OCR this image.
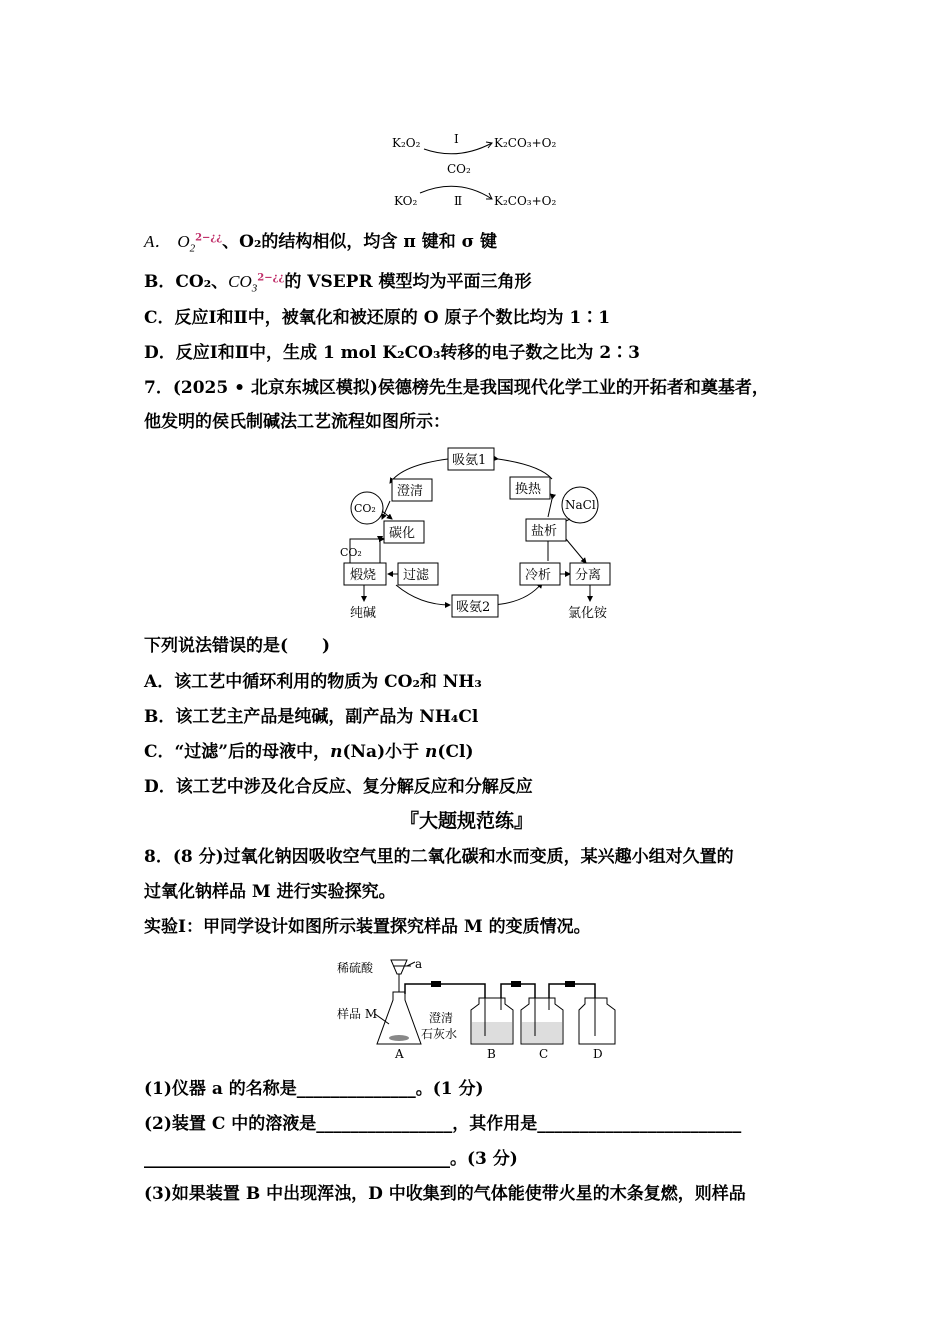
K₂O₂	Ⅰ	K₂CO₃+O₂
CO₂
KO₂	Ⅱ	K₂CO₃+O₂
A． $O_2^{2-¿¿}$、O₂的结构相似，均含 π 键和 σ 键
B．CO₂、$CO_3^{2-¿¿}$的 VSEPR 模型均为平面三角形
C．反应Ⅰ和Ⅱ中，被氧化和被还原的 O 原子个数比均为 1∶1
D．反应Ⅰ和Ⅱ中，生成 1 mol K₂CO₃转移的电子数之比为 2∶3
7．(2025 • 北京东城区模拟)侯德榜先生是我国现代化学工业的开拓者和奠基者，
他发明的侯氏制碱法工艺流程如图所示：
吸氨1
澄清	换热
CO₂	NaCl
碳化	盐析
CO₂
煅烧 过滤	冷析 分离
吸氨2
纯碱	氯化铵
下列说法错误的是(　　)
A．该工艺中循环利用的物质为 CO₂和 NH₃
B．该工艺主产品是纯碱，副产品为 NH₄Cl
C．“过滤”后的母液中，n(Na)小于 n(Cl)
D．该工艺中涉及化合反应、复分解反应和分解反应
『大题规范练』
8．(8 分)过氧化钠因吸收空气里的二氧化碳和水而变质，某兴趣小组对久置的
过氧化钠样品 M 进行实验探究。
实验Ⅰ：甲同学设计如图所示装置探究样品 M 的变质情况。
稀硫酸	a
样品 M	澄清
石灰水
A	B	C	D
(1)仪器 a 的名称是______________。(1 分)
(2)装置 C 中的溶液是________________，其作用是________________________
____________________________________。(3 分)
(3)如果装置 B 中出现浑浊，D 中收集到的气体能使带火星的木条复燃，则样品
